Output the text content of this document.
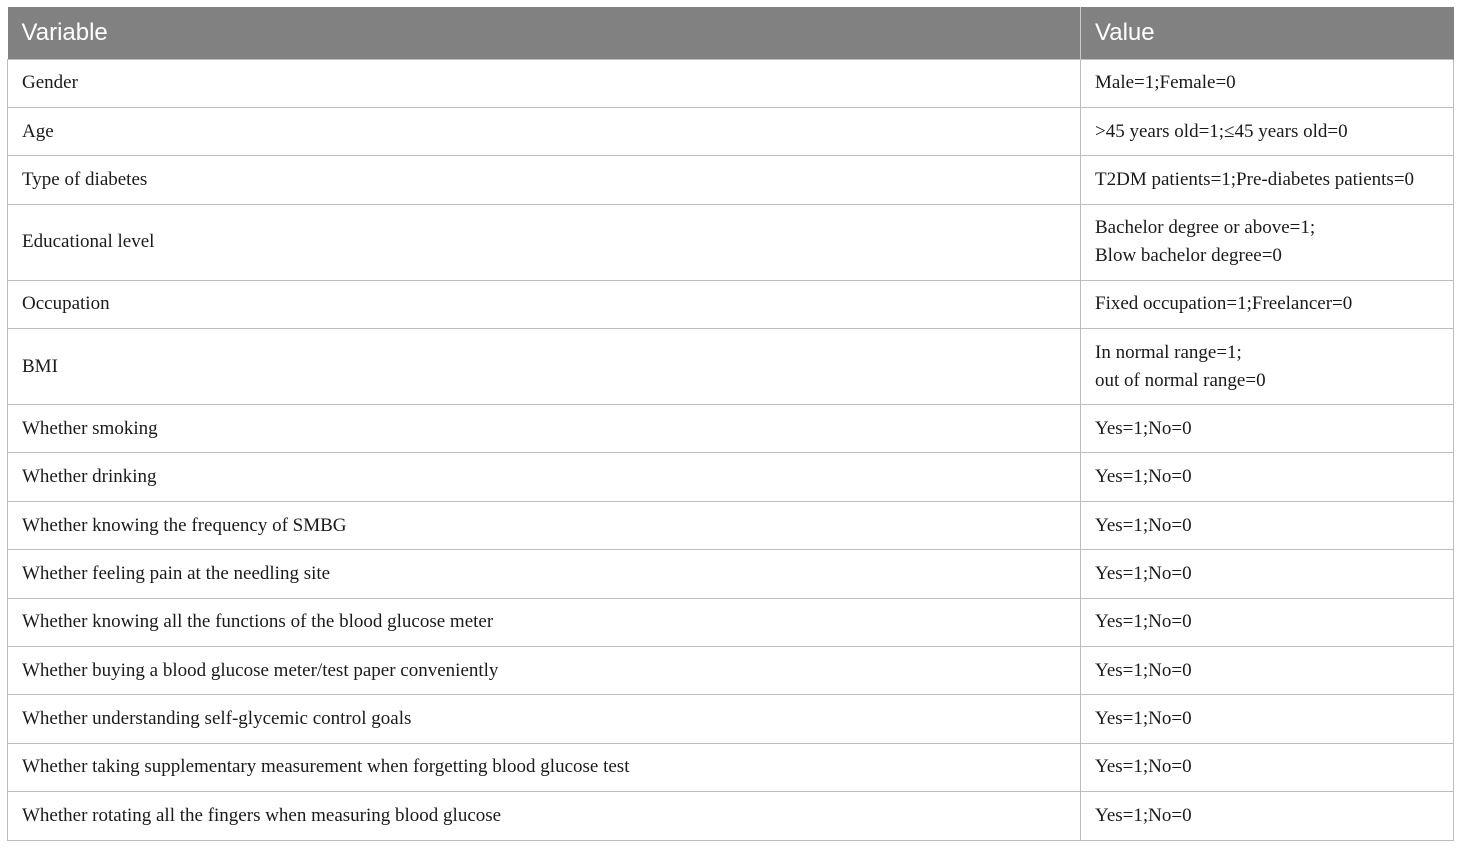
Variable	Value
Gender	Male=1;Female=0

Age	>45 years old=1;≤45 years old=0

Type of diabetes	T2DM patients=1;Pre-diabetes patients=0

Educational level	Bachelor degree or above=1;
Blow bachelor degree=0

Occupation	Fixed occupation=1;Freelancer=0

BMI	In normal range=1;
out of normal range=0

Whether smoking	Yes=1;No=0

Whether drinking	Yes=1;No=0

Whether knowing the frequency of SMBG	Yes=1;No=0

Whether feeling pain at the needling site	Yes=1;No=0

Whether knowing all the functions of the blood glucose meter	Yes=1;No=0

Whether buying a blood glucose meter/test paper conveniently	Yes=1;No=0

Whether understanding self-glycemic control goals	Yes=1;No=0

Whether taking supplementary measurement when forgetting blood glucose test	Yes=1;No=0

Whether rotating all the fingers when measuring blood glucose	Yes=1;No=0
